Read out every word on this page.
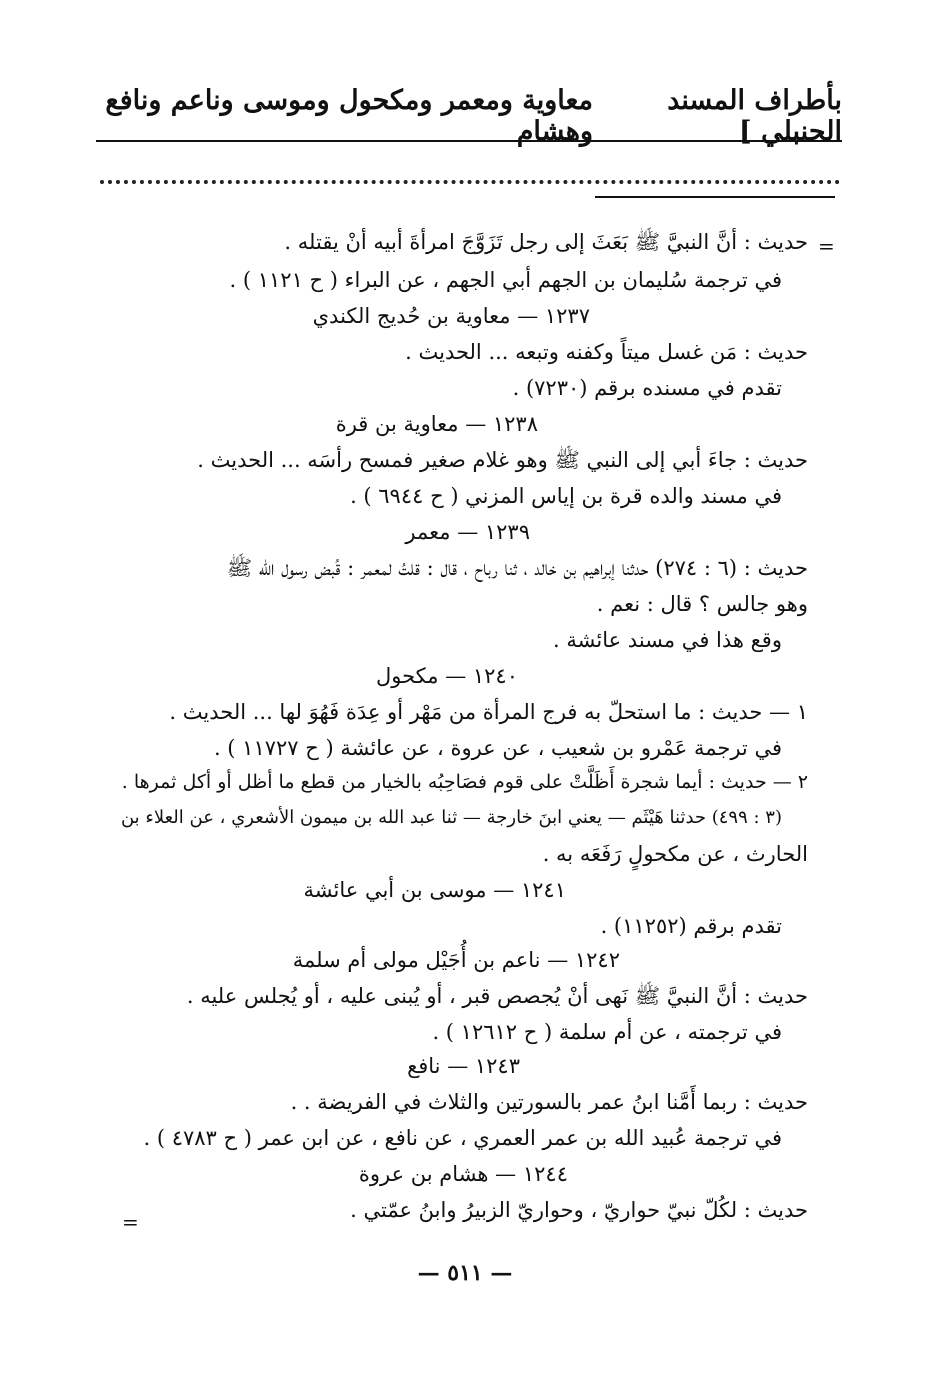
بأطراف المسند الحنبلي ]
معاوية ومعمر ومكحول وموسى وناعم ونافع وهشام
=
حديث : أنَّ النبيَّ ﷺ بَعَثَ إلى رجل تَزَوَّجَ امرأةَ أبيه أنْ يقتله .
في ترجمة سُليمان بن الجهم أبي الجهم ، عن البراء ( ح ١١٢١ ) .
١٢٣٧ — معاوية بن حُديج الكندي
حديث : مَن غسل ميتاً وكفنه وتبعه ... الحديث .
تقدم في مسنده برقم (٧٢٣٠) .
١٢٣٨ — معاوية بن قرة
حديث : جاءَ أبي إلى النبي ﷺ وهو غلام صغير فمسح رأسَه ... الحديث .
في مسند والده قرة بن إياس المزني ( ح ٦٩٤٤ ) .
١٢٣٩ — معمر
حديث : (٦ : ٢٧٤) حدثنا إبراهيم بن خالد ، ثنا رباح ، قال : قلتُ لمعمر : قُبض رسول الله ﷺ
وهو جالس ؟ قال : نعم .
وقع هذا في مسند عائشة .
١٢٤٠ — مكحول
١ — حديث : ما استحلّ به فرج المرأة من مَهْر أو عِدَة فَهُوَ لها ... الحديث .
في ترجمة عَمْرو بن شعيب ، عن عروة ، عن عائشة ( ح ١١٧٢٧ ) .
٢ — حديث : أيما شجرة أَظَلَّتْ على قوم فصَاحِبُه بالخيار من قطع ما أظل أو أكل ثمرها .
(٣ : ٤٩٩) حدثنا هَيْثَم — يعني ابنَ خارجة — ثنا عبد الله بن ميمون الأشعري ، عن العلاء بن
الحارث ، عن مكحولٍ رَفَعَه به .
١٢٤١ — موسى بن أبي عائشة
تقدم برقم (١١٢٥٢) .
١٢٤٢ — ناعم بن أُجَيْل مولى أم سلمة
حديث : أنَّ النبيَّ ﷺ نَهى أنْ يُجصص قبر ، أو يُبنى عليه ، أو يُجلس عليه .
في ترجمته ، عن أم سلمة ( ح ١٢٦١٢ ) .
١٢٤٣ — نافع
حديث : ربما أَمَّنا ابنُ عمر بالسورتين والثلاث في الفريضة . .
في ترجمة عُبيد الله بن عمر العمري ، عن نافع ، عن ابن عمر ( ح ٤٧٨٣ ) .
١٢٤٤ — هشام بن عروة
حديث : لكُلّ نبيّ حواريّ ، وحواريّ الزبيرُ وابنُ عمّتي .
=
— ٥١١ —
